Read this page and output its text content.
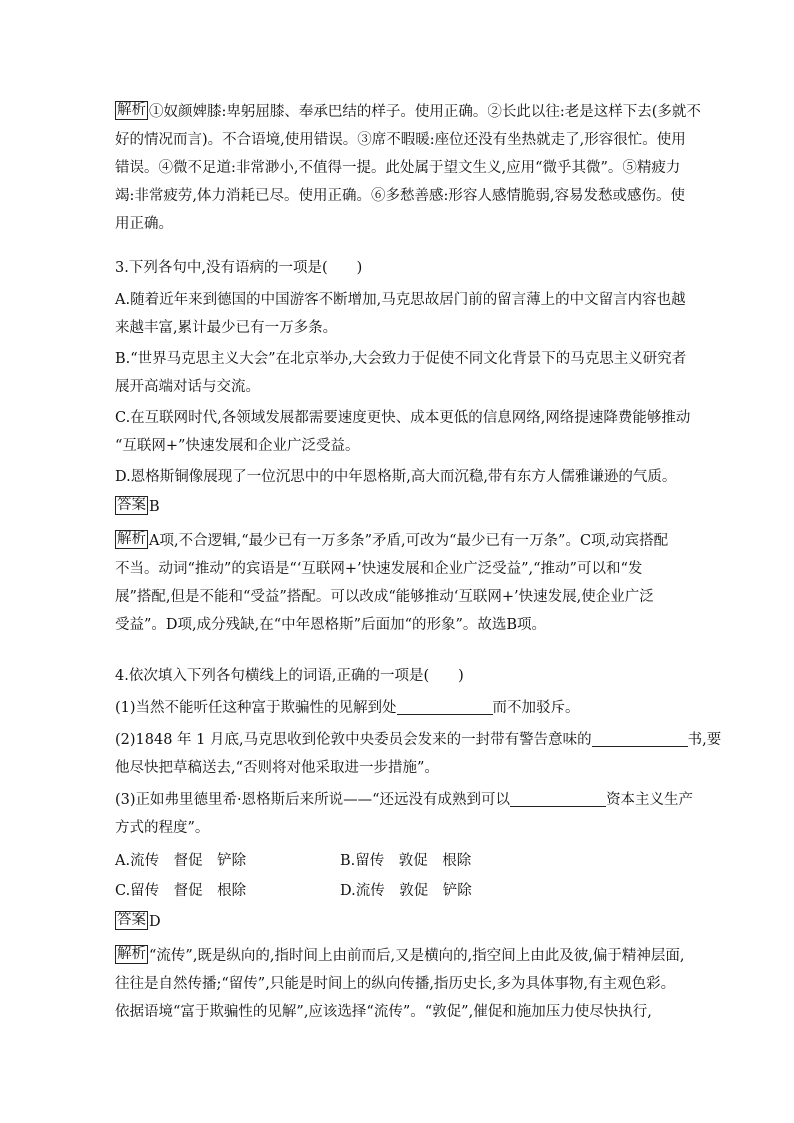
解析 ①奴颜婢膝:卑躬屈膝、奉承巴结的样子。使用正确。②长此以往:老是这样下去(多就不
好的情况而言)。不合语境,使用错误。③席不暇暖:座位还没有坐热就走了,形容很忙。使用
错误。④微不足道:非常渺小,不值得一提。此处属于望文生义,应用“微乎其微”。⑤精疲力
竭:非常疲劳,体力消耗已尽。使用正确。⑥多愁善感:形容人感情脆弱,容易发愁或感伤。使
用正确。
3.下列各句中,没有语病的一项是(　　)
A.随着近年来到德国的中国游客不断增加,马克思故居门前的留言薄上的中文留言内容也越
来越丰富,累计最少已有一万多条。
B.“世界马克思主义大会”在北京举办,大会致力于促使不同文化背景下的马克思主义研究者
展开高端对话与交流。
C.在互联网时代,各领域发展都需要速度更快、成本更低的信息网络,网络提速降费能够推动
“互联网+”快速发展和企业广泛受益。
D.恩格斯铜像展现了一位沉思中的中年恩格斯,高大而沉稳,带有东方人儒雅谦逊的气质。
答案 B
解析 A项,不合逻辑,“最少已有一万多条”矛盾,可改为“最少已有一万条”。C项,动宾搭配
不当。动词“推动”的宾语是“‘互联网+’快速发展和企业广泛受益”,“推动”可以和“发
展”搭配,但是不能和“受益”搭配。可以改成“能够推动‘互联网+’快速发展,使企业广泛
受益”。D项,成分残缺,在“中年恩格斯”后面加“的形象”。故选B项。
4.依次填入下列各句横线上的词语,正确的一项是(　　)
(1)当然不能听任这种富于欺骗性的见解到处	而不加驳斥。
(2)1848 年 1 月底,马克思收到伦敦中央委员会发来的一封带有警告意味的	书,要
他尽快把草稿送去,“否则将对他采取进一步措施”。
(3)正如弗里德里希·恩格斯后来所说——“还远没有成熟到可以	资本主义生产
方式的程度”。
A.流传　督促　铲除	B.留传　敦促　根除
C.留传　督促　根除	D.流传　敦促　铲除
答案 D
解析 “流传”,既是纵向的,指时间上由前而后,又是横向的,指空间上由此及彼,偏于精神层面,
往往是自然传播;“留传”,只能是时间上的纵向传播,指历史长,多为具体事物,有主观色彩。
依据语境“富于欺骗性的见解”,应该选择“流传”。“敦促”,催促和施加压力使尽快执行,
